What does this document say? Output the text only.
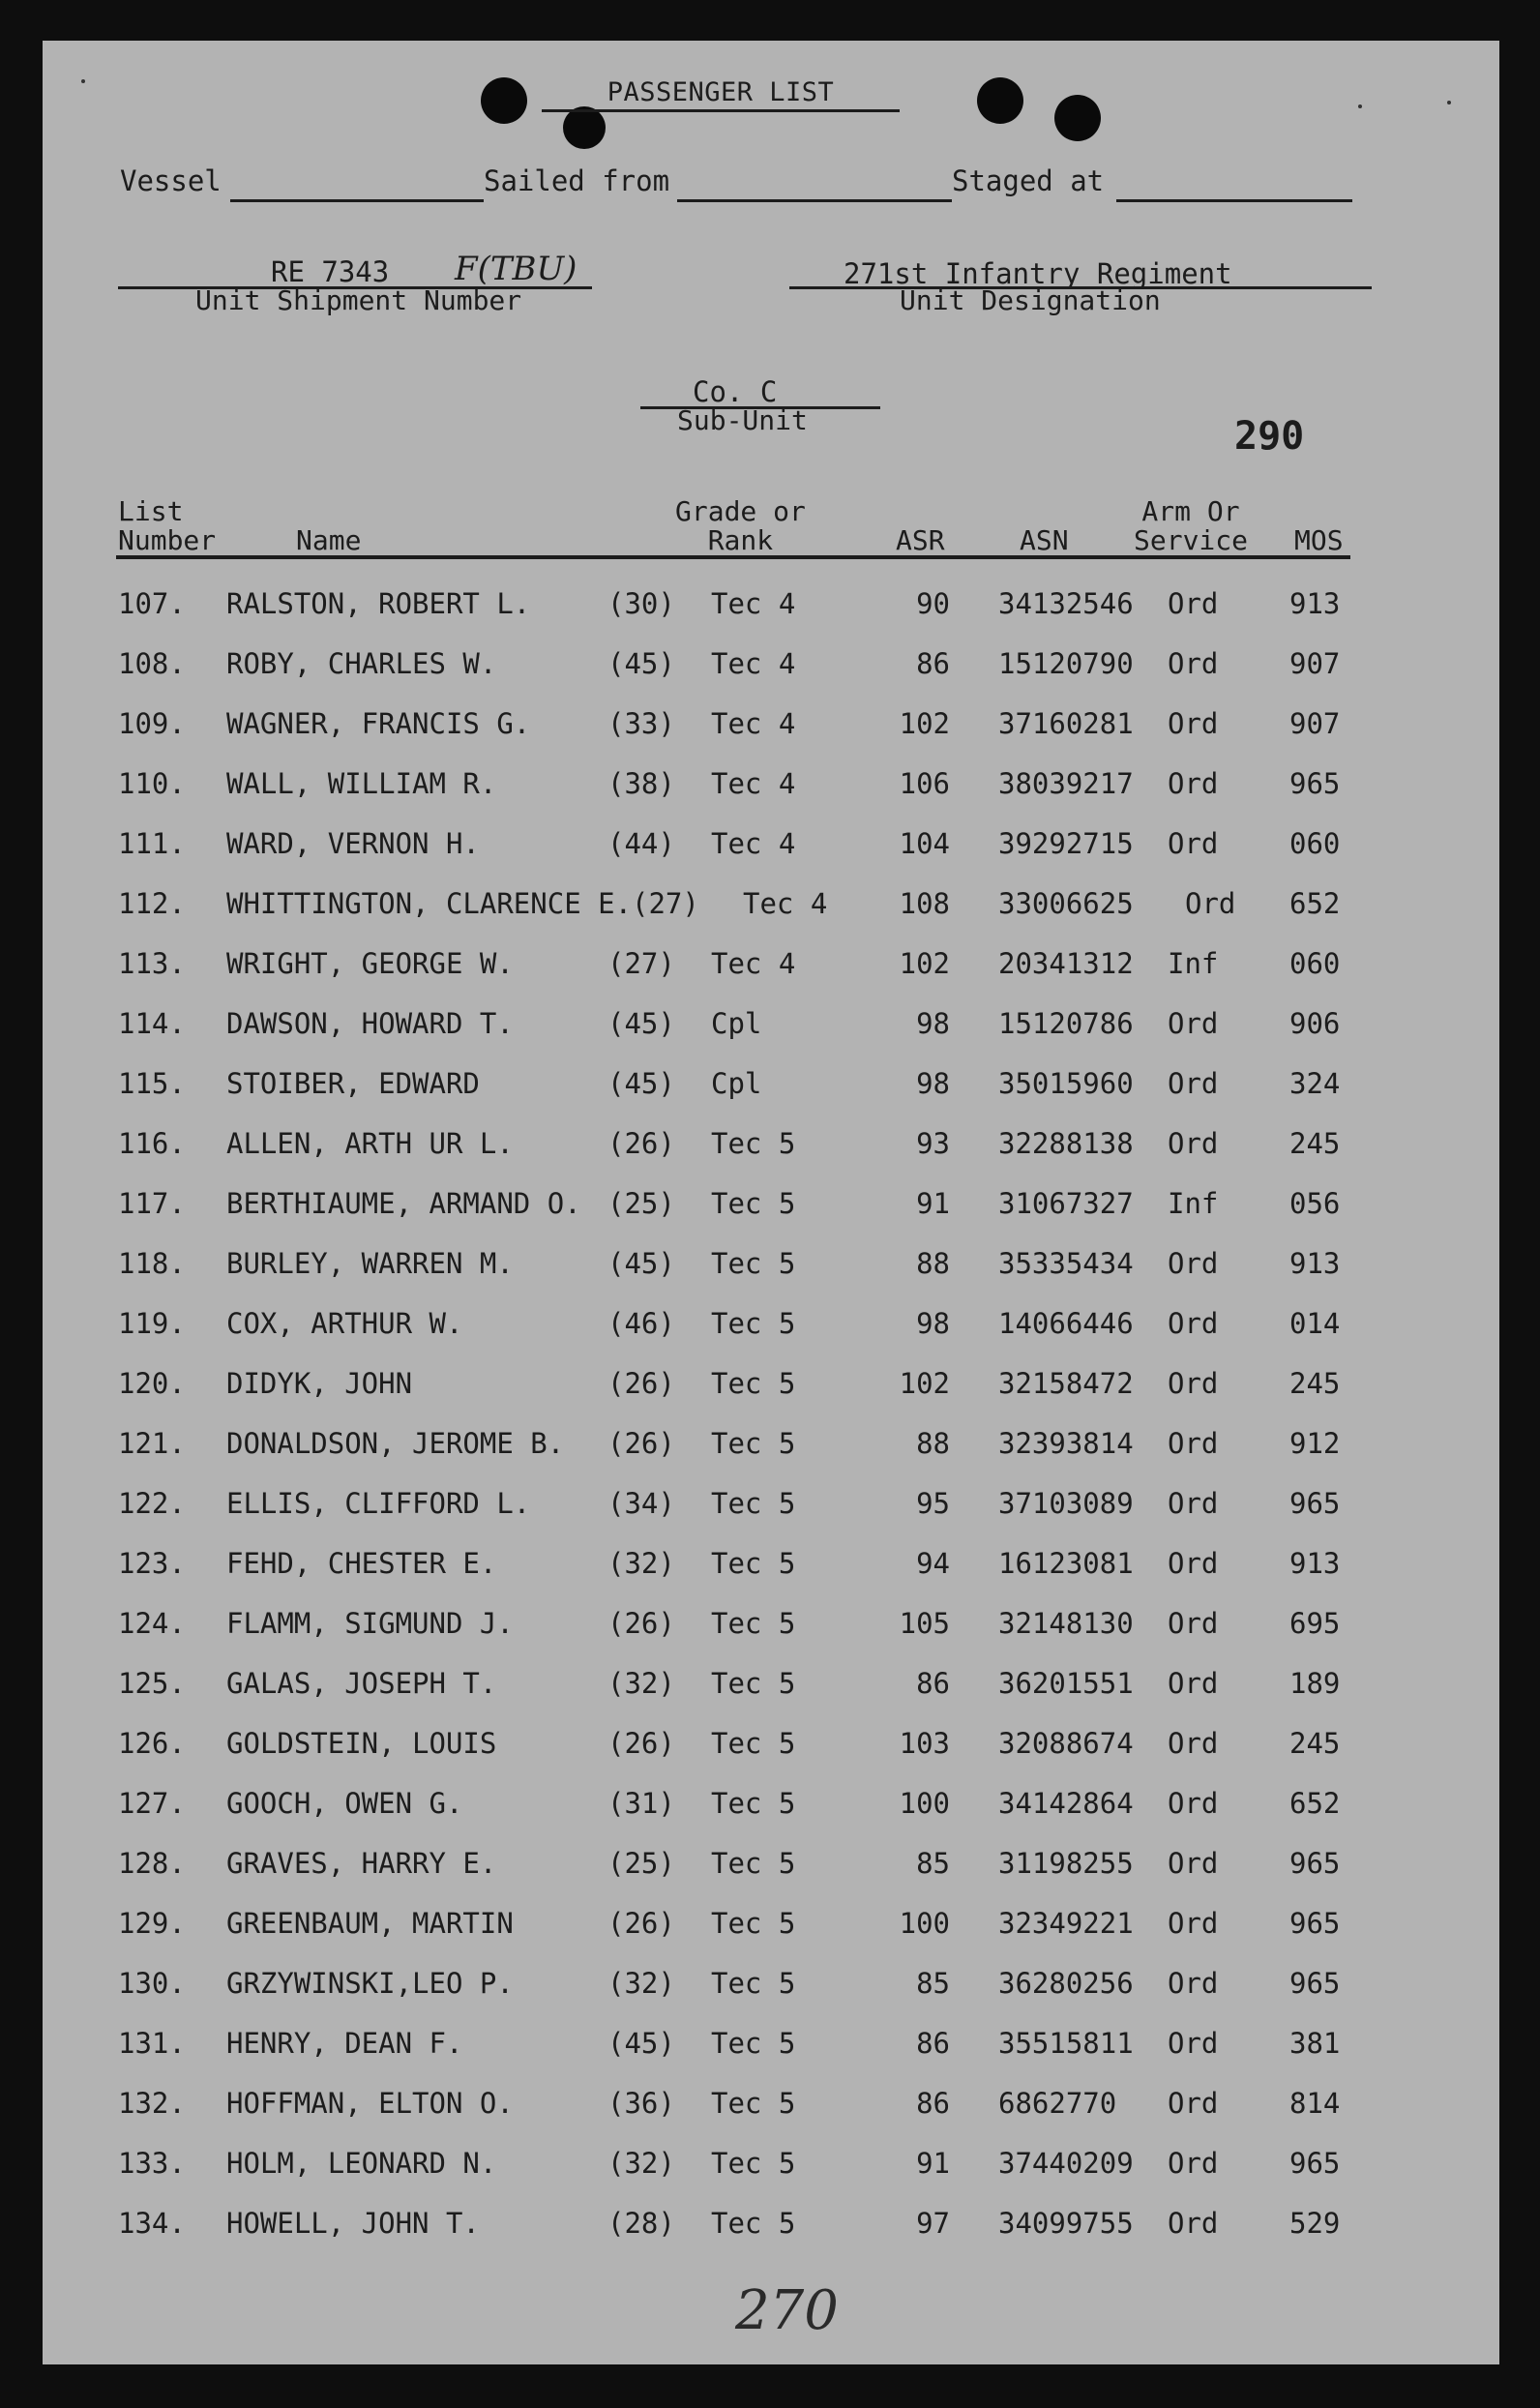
PASSENGER LIST
Vessel	Sailed from	Staged at
RE 7343 F(TBU)
Unit Shipment Number
271st Infantry Regiment
Unit Designation
Co. C
Sub-Unit	290
List
Number	Name
Grade or
Rank	ASR	ASN
Arm Or
Service MOS
107. RALSTON, ROBERT L.	(30) Tec 4	90 34132546 Ord	913
108. ROBY, CHARLES W.	(45) Tec 4	86 15120790 Ord	907
109. WAGNER, FRANCIS G.	(33) Tec 4	102 37160281 Ord	907
110. WALL, WILLIAM R.	(38) Tec 4	106 38039217 Ord	965
111. WARD, VERNON H.	(44) Tec 4	104 39292715 Ord	060
112. WHITTINGTON, CLARENCE E. (27) Tec 4	108 33006625 Ord 652
113. WRIGHT, GEORGE W.	(27) Tec 4	102 20341312 Inf	060
114. DAWSON, HOWARD T.	(45) Cpl	98 15120786 Ord	906
115. STOIBER, EDWARD	(45) Cpl	98 35015960 Ord	324
116. ALLEN, ARTH UR L.	(26) Tec 5	93 32288138 Ord	245
117. BERTHIAUME, ARMAND O. (25) Tec 5	91 31067327 Inf	056
118. BURLEY, WARREN M.	(45) Tec 5	88 35335434 Ord	913
119. COX, ARTHUR W.	(46) Tec 5	98 14066446 Ord	014
120. DIDYK, JOHN	(26) Tec 5	102 32158472 Ord	245
121. DONALDSON, JEROME B. (26) Tec 5	88 32393814 Ord	912
122. ELLIS, CLIFFORD L.	(34) Tec 5	95 37103089 Ord	965
123. FEHD, CHESTER E.	(32) Tec 5	94 16123081 Ord	913
124. FLAMM, SIGMUND J.	(26) Tec 5	105 32148130 Ord	695
125. GALAS, JOSEPH T.	(32) Tec 5	86 36201551 Ord	189
126. GOLDSTEIN, LOUIS	(26) Tec 5	103 32088674 Ord	245
127. GOOCH, OWEN G.	(31) Tec 5	100 34142864 Ord	652
128. GRAVES, HARRY E.	(25) Tec 5	85 31198255 Ord	965
129. GREENBAUM, MARTIN	(26) Tec 5	100 32349221 Ord	965
130. GRZYWINSKI,LEO P.	(32) Tec 5	85 36280256 Ord	965
131. HENRY, DEAN F.	(45) Tec 5	86 35515811 Ord	381
132. HOFFMAN, ELTON O.	(36) Tec 5	86 6862770 Ord	814
133. HOLM, LEONARD N.	(32) Tec 5	91 37440209 Ord	965
134. HOWELL, JOHN T.	(28) Tec 5	97 34099755 Ord	529
270
